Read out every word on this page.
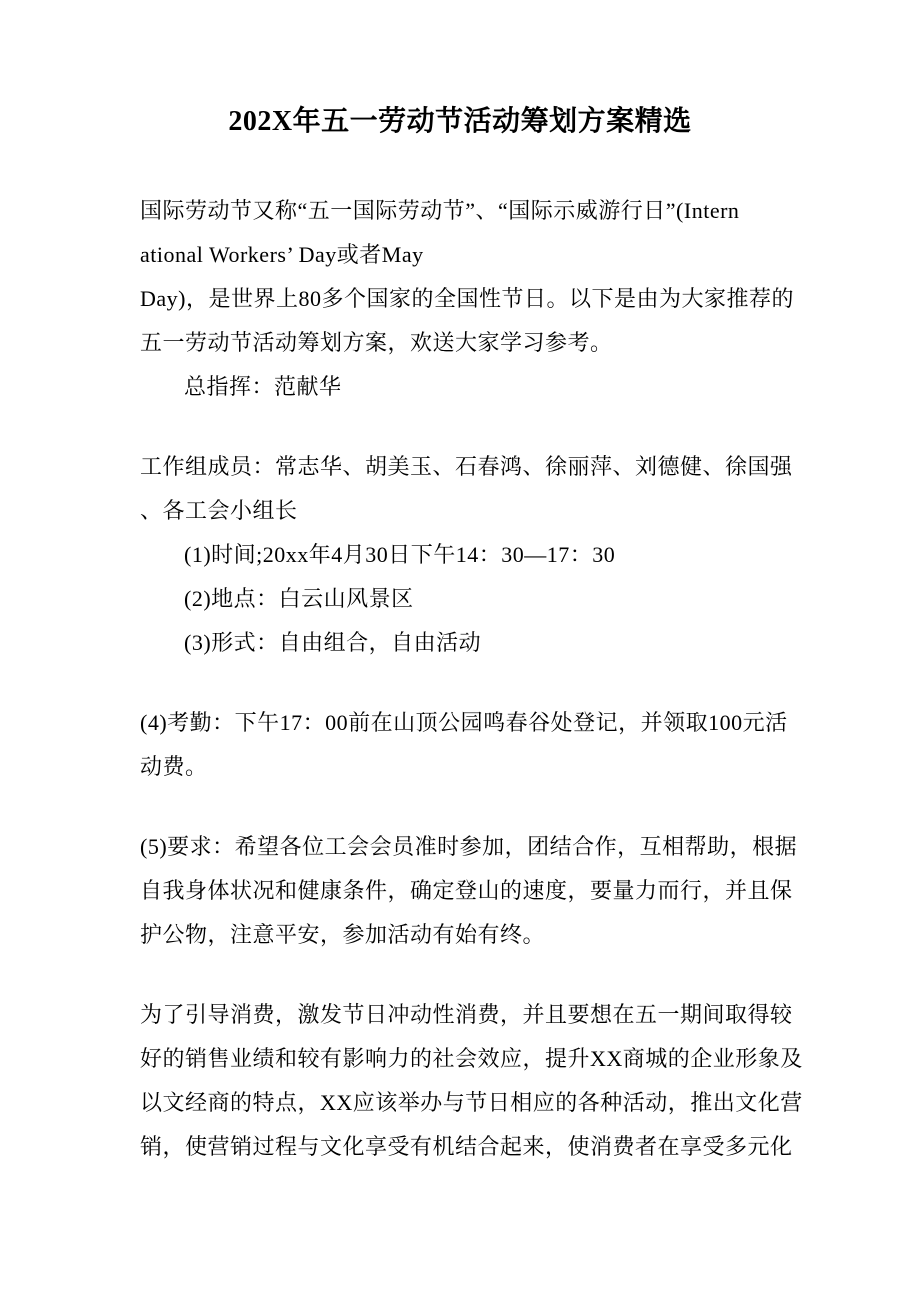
202X年五一劳动节活动筹划方案精选
国际劳动节又称“五一国际劳动节”、“国际示威游行日”(Intern
ational Workers’ Day或者May
Day)，是世界上80多个国家的全国性节日。以下是由为大家推荐的
五一劳动节活动筹划方案，欢送大家学习参考。
总指挥：范献华
工作组成员：常志华、胡美玉、石春鸿、徐丽萍、刘德健、徐国强
、各工会小组长
(1)时间;20xx年4月30日下午14：30—17：30
(2)地点：白云山风景区
(3)形式：自由组合，自由活动
(4)考勤：下午17：00前在山顶公园鸣春谷处登记，并领取100元活
动费。
(5)要求：希望各位工会会员准时参加，团结合作，互相帮助，根据
自我身体状况和健康条件，确定登山的速度，要量力而行，并且保
护公物，注意平安，参加活动有始有终。
为了引导消费，激发节日冲动性消费，并且要想在五一期间取得较
好的销售业绩和较有影响力的社会效应，提升XX商城的企业形象及
以文经商的特点，XX应该举办与节日相应的各种活动，推出文化营
销，使营销过程与文化享受有机结合起来，使消费者在享受多元化
